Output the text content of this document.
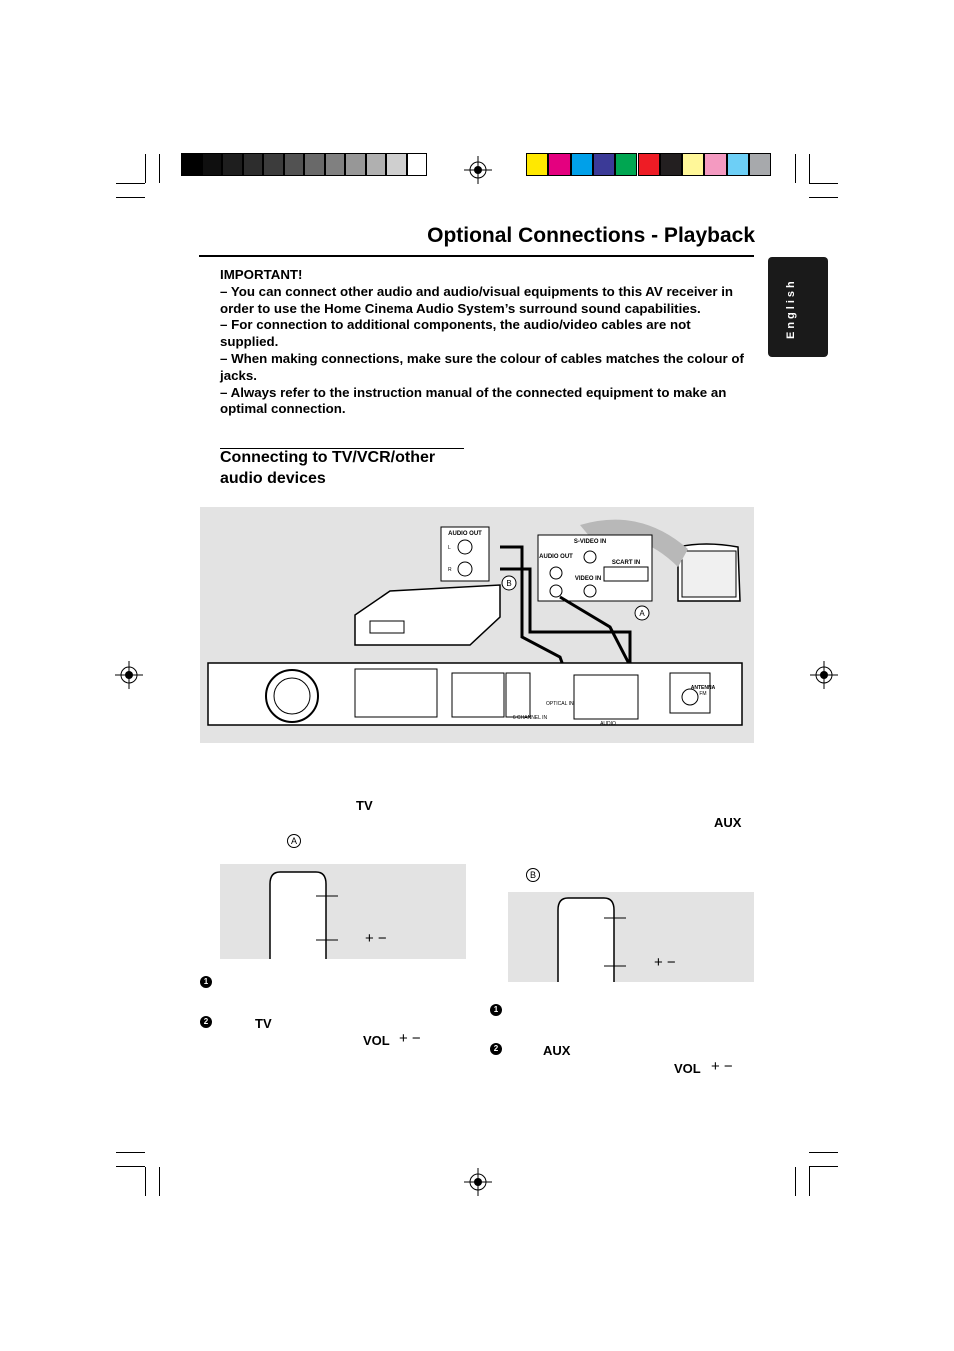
Optional Connections - Playback
English

IMPORTANT!

– You can connect other audio and audio/visual equipments to this AV receiver in order to use the Home Cinema Audio System’s surround sound capabilities.

– For connection to additional components, the audio/video cables are not supplied.

– When making connections, make sure the colour of cables matches the colour of jacks.

– Always refer to the instruction manual of the connected equipment to make an optimal connection.

Connecting to TV/VCR/other audio devices
S-VIDEO IN
AUDIO OUT
SCART IN
VIDEO IN
AUDIO OUT
L
R
B
A
6 CHANNEL IN
OPTICAL IN
AUDIO
ANTENNA
FM
TV
A
+ −
1
2	TV
VOL + −
AUX
B
+ −
1
2	AUX
VOL + −
